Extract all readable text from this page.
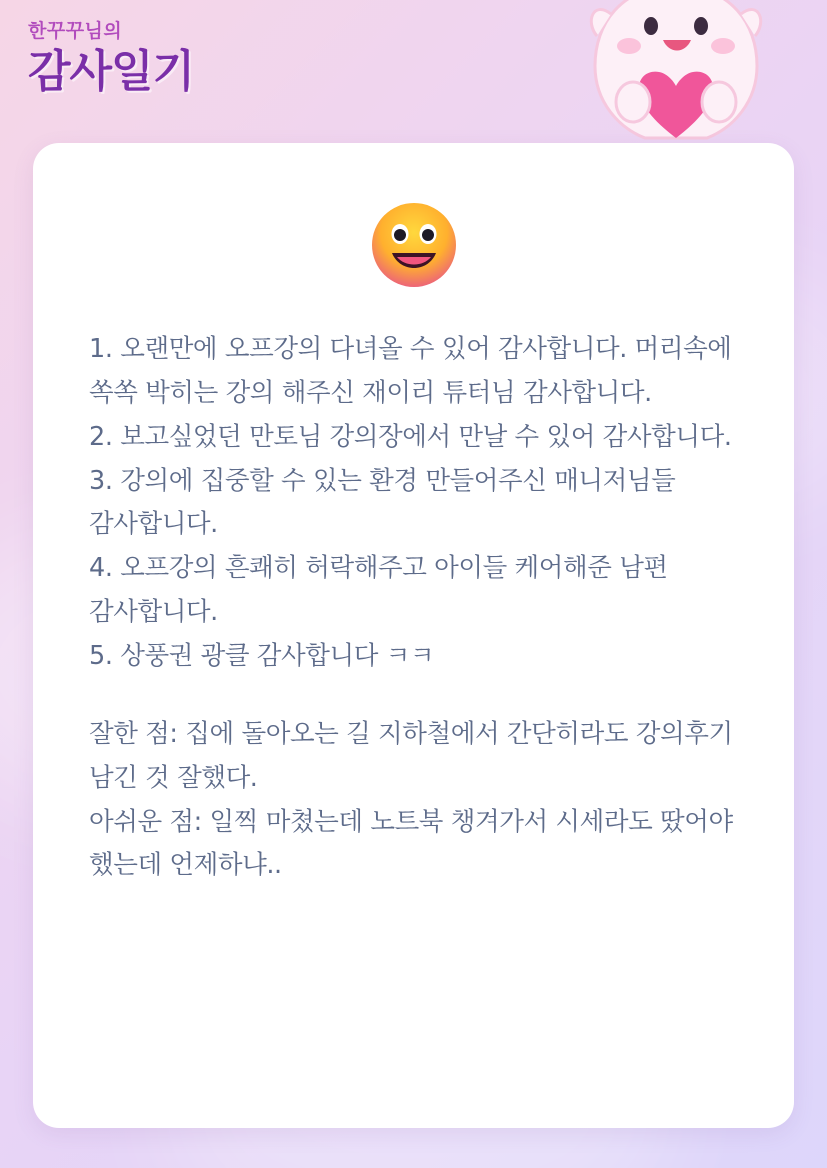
한꾸꾸님의
감사일기
1. 오랜만에 오프강의 다녀올 수 있어 감사합니다. 머리속에 쏙쏙 박히는 강의 해주신 재이리 튜터님 감사합니다.
2. 보고싶었던 만토님 강의장에서 만날 수 있어 감사합니다.
3. 강의에 집중할 수 있는 환경 만들어주신 매니저님들 감사합니다.
4. 오프강의 흔쾌히 허락해주고 아이들 케어해준 남편 감사합니다.
5. 상풍권 광클 감사합니다 ㅋㅋ
잘한 점: 집에 돌아오는 길 지하철에서 간단히라도 강의후기 남긴 것 잘했다.
아쉬운 점: 일찍 마쳤는데 노트북 챙겨가서 시세라도 땄어야 했는데 언제하냐..
